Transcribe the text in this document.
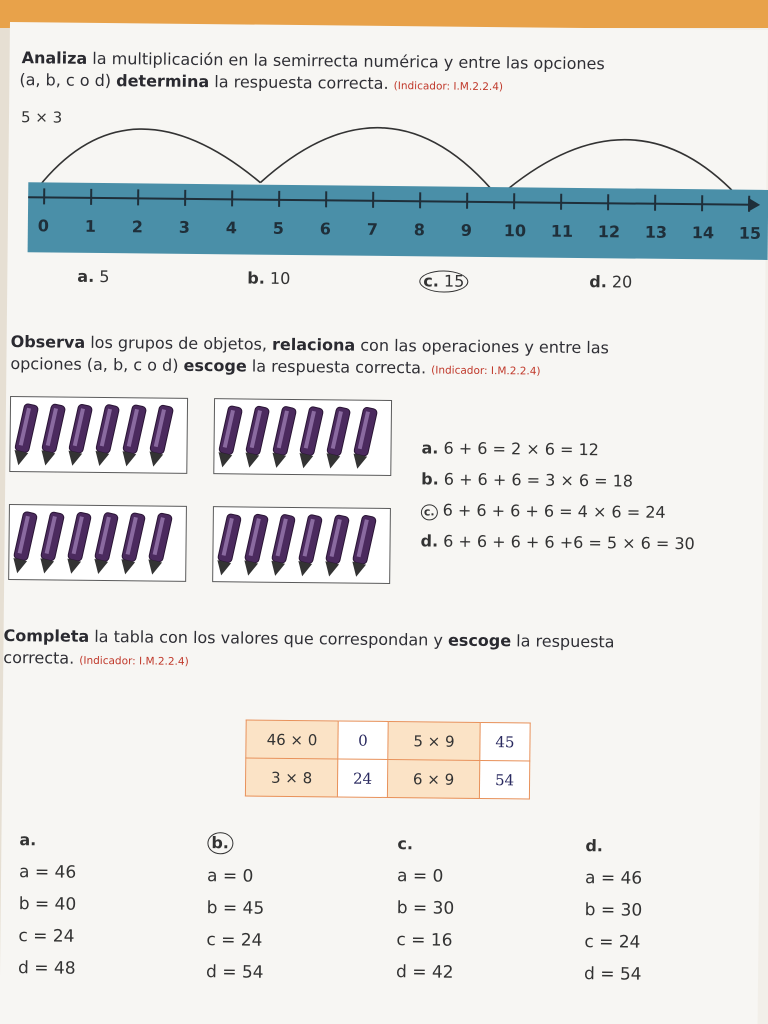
Analiza la multiplicación en la semirrecta numérica y entre las opciones
(a, b, c o d) determina la respuesta correcta. (Indicador: I.M.2.2.4)
5 × 3
0 1 2 3 4 5 6 7 8 9 10 11 12 13 14 15
a. 5	b. 10	c. 15	d. 20
Observa los grupos de objetos, relaciona con las operaciones y entre las
opciones (a, b, c o d) escoge la respuesta correcta. (Indicador: I.M.2.2.4)
a. 6 + 6 = 2 × 6 = 12
b. 6 + 6 + 6 = 3 × 6 = 18
c. 6 + 6 + 6 + 6 = 4 × 6 = 24
d. 6 + 6 + 6 + 6 +6 = 5 × 6 = 30
Completa la tabla con los valores que correspondan y escoge la respuesta
correcta. (Indicador: I.M.2.2.4)
46 × 0	0	5 × 9	45
3 × 8	24	6 × 9	54
a.
a = 46
b = 40
c = 24
d = 48
b.
a = 0
b = 45
c = 24
d = 54
c.
a = 0
b = 30
c = 16
d = 42
d.
a = 46
b = 30
c = 24
d = 54
